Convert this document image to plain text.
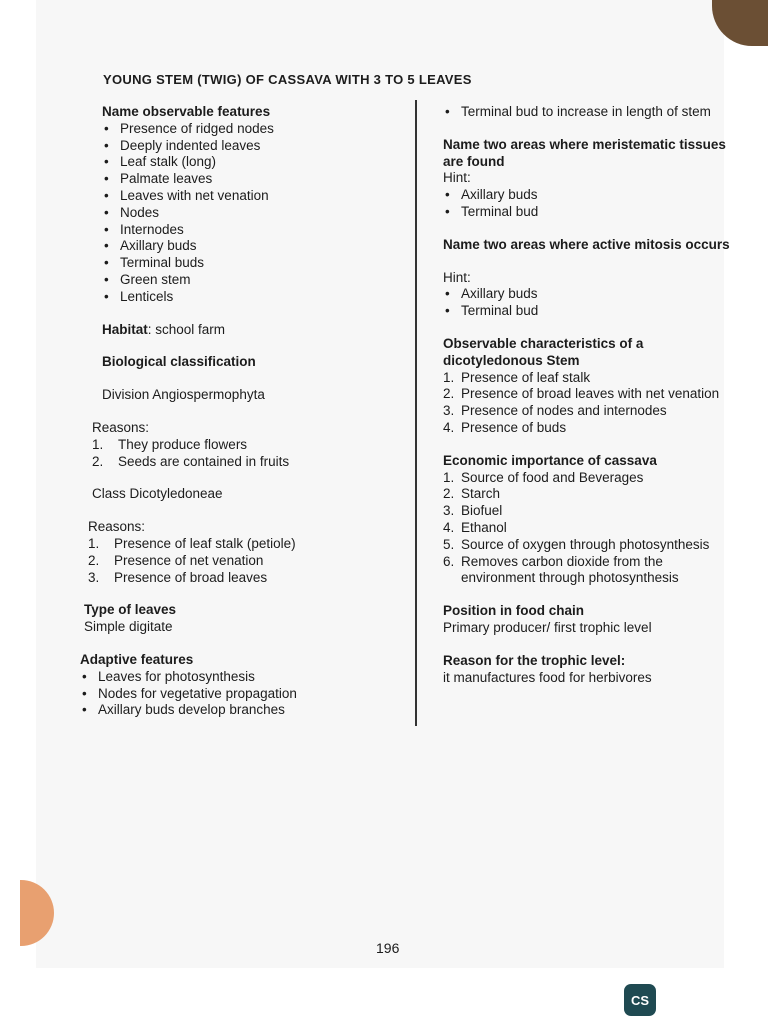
YOUNG STEM (TWIG) OF CASSAVA WITH 3 TO 5 LEAVES

Name observable features

• Presence of ridged nodes
• Deeply indented leaves
• Leaf stalk (long)
• Palmate leaves
• Leaves with net venation
• Nodes
• Internodes
• Axillary buds
• Terminal buds
• Green stem
• Lenticels

Habitat: school farm

Biological classification

Division Angiospermophyta

Reasons:

1. They produce flowers
2. Seeds are contained in fruits

Class Dicotyledoneae

Reasons:

1. Presence of leaf stalk (petiole)
2. Presence of net venation
3. Presence of broad leaves

Type of leaves

Simple digitate

Adaptive features

• Leaves for photosynthesis
• Nodes for vegetative propagation
• Axillary buds develop branches
• Terminal bud to increase in length of stem

Name two areas where meristematic tissues are found

Hint:

• Axillary buds
• Terminal bud

Name two areas where active mitosis occurs

Hint:

• Axillary buds
• Terminal bud

Observable characteristics of a dicotyledonous Stem

1. Presence of leaf stalk
2. Presence of broad leaves with net venation
3. Presence of nodes and internodes
4. Presence of buds

Economic importance of cassava

1. Source of food and Beverages
2. Starch
3. Biofuel
4. Ethanol
5. Source of oxygen through photosynthesis
6. Removes carbon dioxide from the environment through photosynthesis

Position in food chain

Primary producer/ first trophic level

Reason for the trophic level:

it manufactures food for herbivores

196
CS
